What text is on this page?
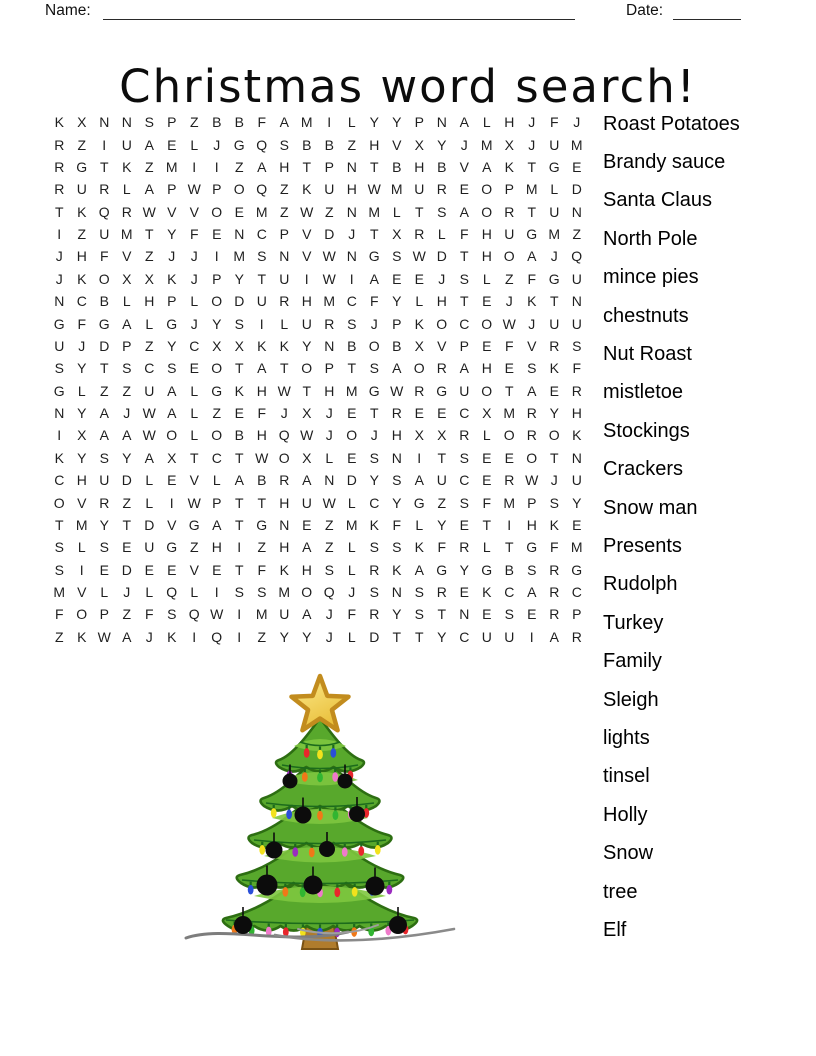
Name:	Date:
Christmas word search!
K X N N S P Z B B F A M	I	L Y Y P N A L H J	F	J
R Z	I	U A E L	J G Q S B B Z H V X Y	J M X	J U M
R G T K Z M	I	I	Z A H T P N T B H B V A K T G E
R U R L A P W P O Q Z K U H W M U R E O P M L D
T K Q R W V V O E M Z W Z N M L	T S A O R T U N
I	Z U M T Y F E N C P V D J	T X R L	F H U G M Z
J H F V Z	J	J	I	M S N V W N G S W D T H O A	J Q
J	K O X X K	J	P Y T U	I W I	A E E	J	S L	Z F G U
N C B L H P L O D U R H M C F Y L H T E	J	K T N
G F G A L G J	Y S	I	L U R S	J	P K O C O W J U U
U J D P Z Y C X X K K Y N B O B X V P E F V R S
S Y T S C S E O T A T O P T S A O R A H E S K F
G L	Z Z U A L G K H W T H M G W R G U O T A E R
N Y A	J W A L	Z E F	J	X	J	E T R E E C X M R Y H
I	X A A W O L O B H Q W J O J H X X R L O R O K
K Y S Y A X T C T W O X L E S N	I	T S E E O T N
C H U D L E V L A B R A N D Y S A U C E R W J U
O V R Z	L	I W P T T H U W L C Y G Z S F M P S Y
T M Y T D V G A T G N E Z M K F	L Y E T	I	H K E
S L S E U G Z H	I	Z H A Z	L S S K F R L	T G F M
S	I	E D E E V E T F K H S L R K A G Y G B S R G
M V L	J	L Q L	I	S S M O Q J	S N S R E K C A R C
F O P Z F S Q W I	M U A	J	F R Y S T N E S E R P
Z K W A	J	K	I	Q	I	Z Y Y	J	L D T T Y C U U	I	A R
Roast Potatoes
Brandy sauce
Santa Claus
North Pole
mince pies
chestnuts
Nut Roast
mistletoe
Stockings
Crackers
Snow man
Presents
Rudolph
Turkey
Family
Sleigh
lights
tinsel
Holly
Snow
tree
Elf
